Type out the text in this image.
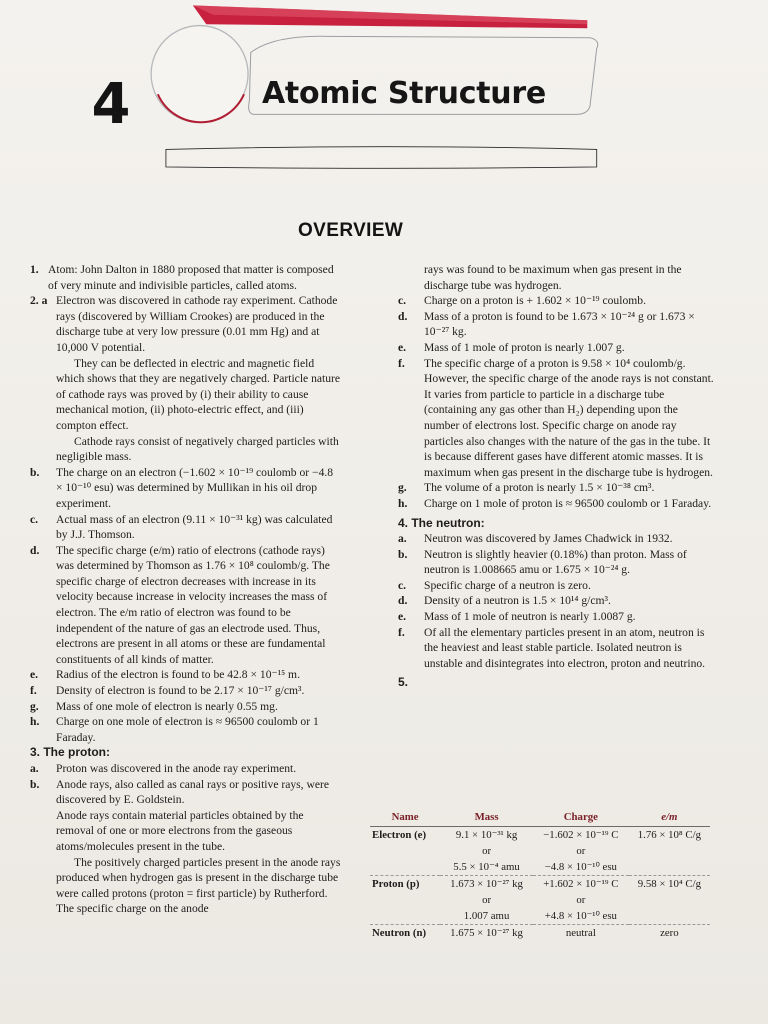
4	Atomic Structure
OVERVIEW

1. Atom: John Dalton in 1880 proposed that matter is composed of very minute and indivisible particles, called atoms.

2. a Electron was discovered in cathode ray experiment. Cathode rays (discovered by William Crookes) are produced in the discharge tube at very low pressure (0.01 mm Hg) and at 10,000 V potential.

They can be deflected in electric and magnetic field which shows that they are negatively charged. Particle nature of cathode rays was proved by (i) their ability to cause mechanical motion, (ii) photo-electric effect, and (iii) compton effect.

Cathode rays consist of negatively charged particles with negligible mass.

b. The charge on an electron (−1.602 × 10⁻¹⁹ coulomb or −4.8 × 10⁻¹⁰ esu) was determined by Mullikan in his oil drop experiment.

c. Actual mass of an electron (9.11 × 10⁻³¹ kg) was calculated by J.J. Thomson.

d. The specific charge (e/m) ratio of electrons (cathode rays) was determined by Thomson as 1.76 × 10⁸ coulomb/g. The specific charge of electron decreases with increase in its velocity because increase in velocity increases the mass of electron. The e/m ratio of electron was found to be independent of the nature of gas an electrode used. Thus, electrons are present in all atoms or these are fundamental constituents of all kinds of matter.

e. Radius of the electron is found to be 42.8 × 10⁻¹⁵ m.

f. Density of electron is found to be 2.17 × 10⁻¹⁷ g/cm³.

g. Mass of one mole of electron is nearly 0.55 mg.

h. Charge on one mole of electron is ≈ 96500 coulomb or 1 Faraday.

3. The proton:

a. Proton was discovered in the anode ray experiment.

b. Anode rays, also called as canal rays or positive rays, were discovered by E. Goldstein.

Anode rays contain material particles obtained by the removal of one or more electrons from the gaseous atoms/molecules present in the tube.

The positively charged particles present in the anode rays produced when hydrogen gas is present in the discharge tube were called protons (proton = first particle) by Rutherford. The specific charge on the anode

rays was found to be maximum when gas present in the discharge tube was hydrogen.

c. Charge on a proton is + 1.602 × 10⁻¹⁹ coulomb.

d. Mass of a proton is found to be 1.673 × 10⁻²⁴ g or 1.673 × 10⁻²⁷ kg.

e. Mass of 1 mole of proton is nearly 1.007 g.

f. The specific charge of a proton is 9.58 × 10⁴ coulomb/g. However, the specific charge of the anode rays is not constant. It varies from particle to particle in a discharge tube (containing any gas other than H₂) depending upon the number of electrons lost. Specific charge on anode ray particles also changes with the nature of the gas in the tube. It is because different gases have different atomic masses. It is maximum when gas present in the discharge tube is hydrogen.

g. The volume of a proton is nearly 1.5 × 10⁻³⁸ cm³.

h. Charge on 1 mole of proton is ≈ 96500 coulomb or 1 Faraday.

4. The neutron:

a. Neutron was discovered by James Chadwick in 1932.

b. Neutron is slightly heavier (0.18%) than proton. Mass of neutron is 1.008665 amu or 1.675 × 10⁻²⁴ g.

c. Specific charge of a neutron is zero.

d. Density of a neutron is 1.5 × 10¹⁴ g/cm³.

e. Mass of 1 mole of neutron is nearly 1.0087 g.

f. Of all the elementary particles present in an atom, neutron is the heaviest and least stable particle. Isolated neutron is unstable and disintegrates into electron, proton and neutrino.

5.

Name	Mass	Charge	e/m
Electron (e)	9.1 × 10⁻³¹ kg	−1.602 × 10⁻¹⁹ C	1.76 × 10⁸ C/g
	or	or	
	5.5 × 10⁻⁴ amu	−4.8 × 10⁻¹⁰ esu	
Proton (p)	1.673 × 10⁻²⁷ kg	+1.602 × 10⁻¹⁹ C	9.58 × 10⁴ C/g
	or	or	
	1.007 amu	+4.8 × 10⁻¹⁰ esu	
Neutron (n)	1.675 × 10⁻²⁷ kg	neutral	zero
